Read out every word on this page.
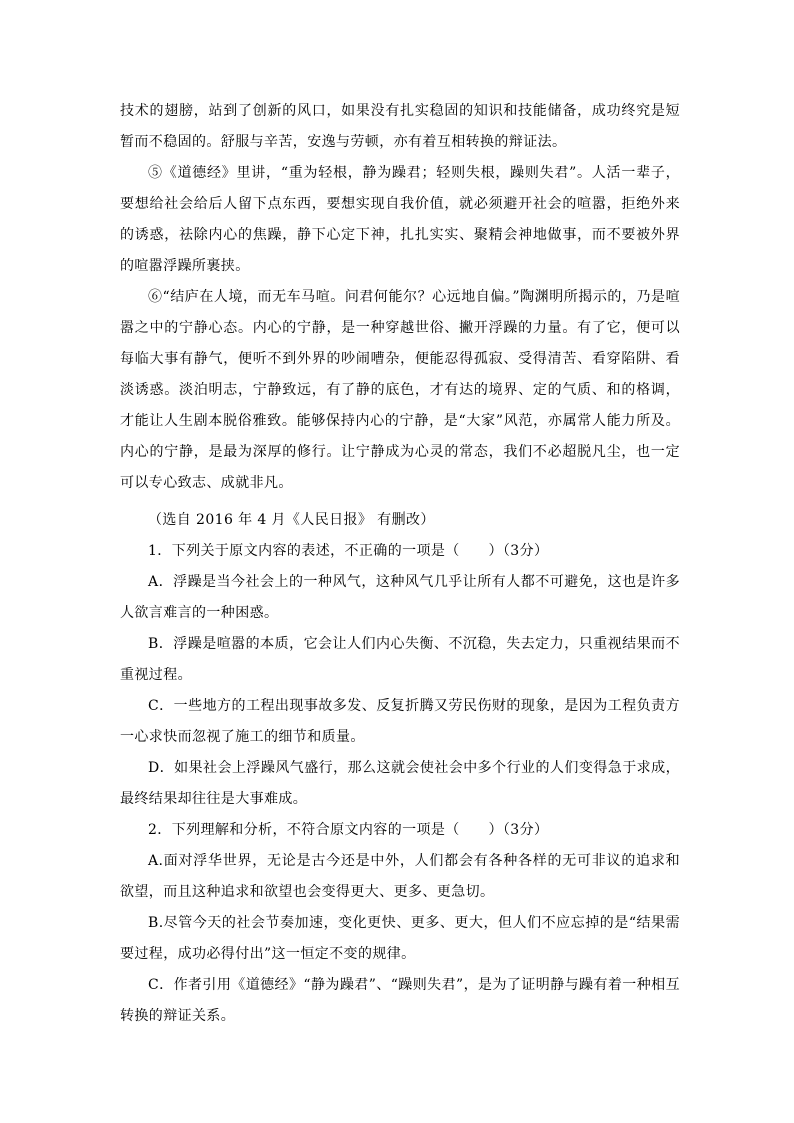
技术的翅膀，站到了创新的风口，如果没有扎实稳固的知识和技能储备，成功终究是短暂而不稳固的。舒服与辛苦，安逸与劳顿，亦有着互相转换的辩证法。
⑤《道德经》里讲，“重为轻根，静为躁君；轻则失根，躁则失君”。人活一辈子，要想给社会给后人留下点东西，要想实现自我价值，就必须避开社会的喧嚣，拒绝外来的诱惑，祛除内心的焦躁，静下心定下神，扎扎实实、聚精会神地做事，而不要被外界的喧嚣浮躁所裹挟。
⑥“结庐在人境，而无车马喧。问君何能尔？心远地自偏。”陶渊明所揭示的，乃是喧嚣之中的宁静心态。内心的宁静，是一种穿越世俗、撇开浮躁的力量。有了它，便可以每临大事有静气，便听不到外界的吵闹嘈杂，便能忍得孤寂、受得清苦、看穿陷阱、看淡诱惑。淡泊明志，宁静致远，有了静的底色，才有达的境界、定的气质、和的格调，才能让人生剧本脱俗雅致。能够保持内心的宁静，是“大家”风范，亦属常人能力所及。内心的宁静，是最为深厚的修行。让宁静成为心灵的常态，我们不必超脱凡尘，也一定可以专心致志、成就非凡。
（选自 2016 年 4 月《人民日报》 有删改）
1．下列关于原文内容的表述，不正确的一项是（　　）（3分）
A．浮躁是当今社会上的一种风气，这种风气几乎让所有人都不可避免，这也是许多人欲言难言的一种困惑。
B．浮躁是喧嚣的本质，它会让人们内心失衡、不沉稳，失去定力，只重视结果而不重视过程。
C．一些地方的工程出现事故多发、反复折腾又劳民伤财的现象，是因为工程负责方一心求快而忽视了施工的细节和质量。
D．如果社会上浮躁风气盛行，那么这就会使社会中多个行业的人们变得急于求成，最终结果却往往是大事难成。
2．下列理解和分析，不符合原文内容的一项是（　　）（3分）
A.面对浮华世界，无论是古今还是中外，人们都会有各种各样的无可非议的追求和欲望，而且这种追求和欲望也会变得更大、更多、更急切。
B.尽管今天的社会节奏加速，变化更快、更多、更大，但人们不应忘掉的是“结果需要过程，成功必得付出”这一恒定不变的规律。
C．作者引用《道德经》“静为躁君”、“躁则失君”，是为了证明静与躁有着一种相互转换的辩证关系。
